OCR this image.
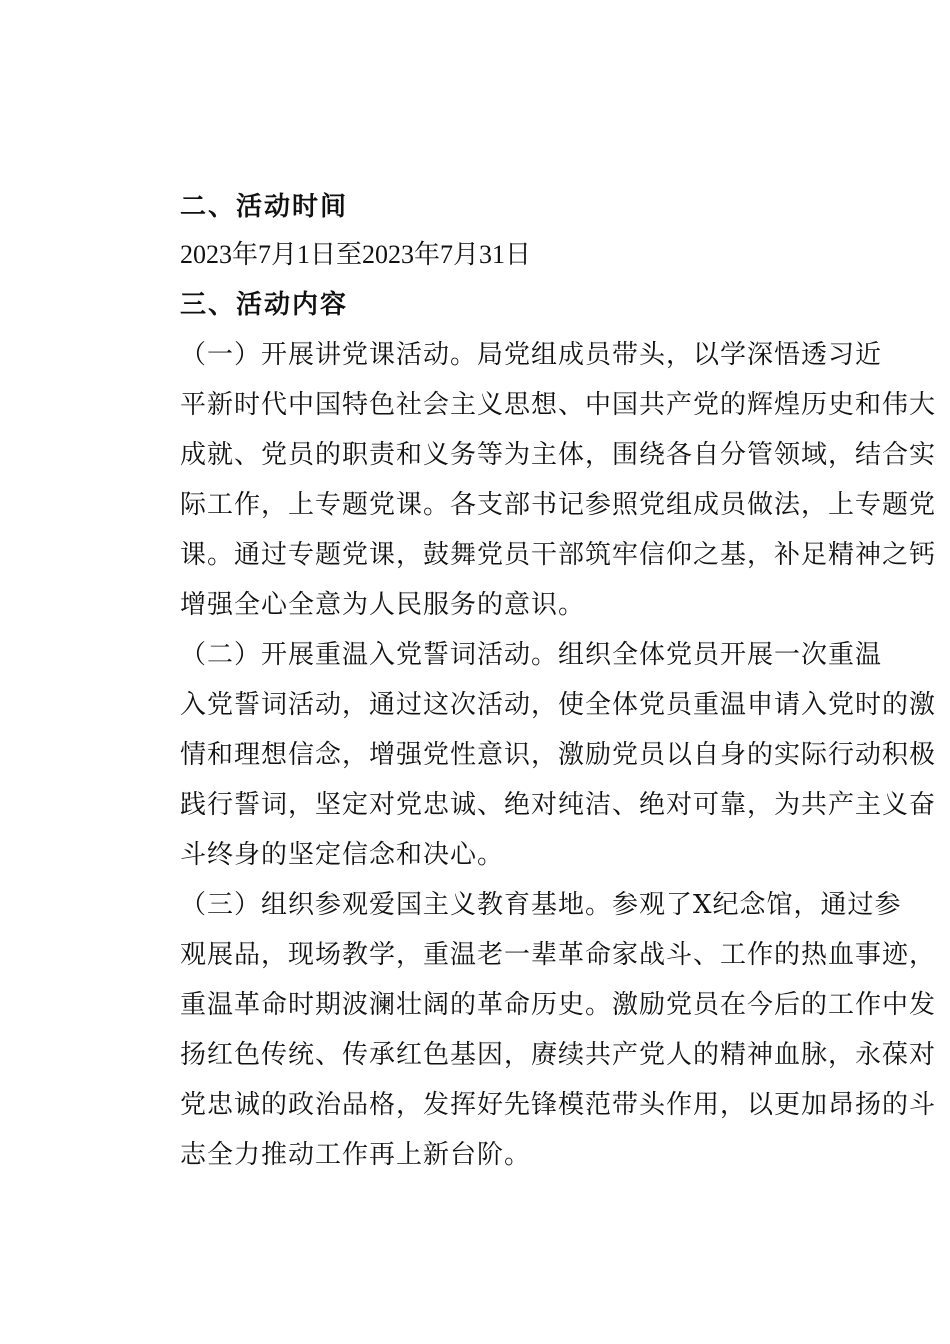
二、活动时间
2023年7月1日至2023年7月31日
三、活动内容
（一）开展讲党课活动。局党组成员带头，以学深悟透习近
平新时代中国特色社会主义思想、中国共产党的辉煌历史和伟大
成就、党员的职责和义务等为主体，围绕各自分管领域，结合实
际工作，上专题党课。各支部书记参照党组成员做法，上专题党
课。通过专题党课，鼓舞党员干部筑牢信仰之基，补足精神之钙
增强全心全意为人民服务的意识。
（二）开展重温入党誓词活动。组织全体党员开展一次重温
入党誓词活动，通过这次活动，使全体党员重温申请入党时的激
情和理想信念，增强党性意识，激励党员以自身的实际行动积极
践行誓词，坚定对党忠诚、绝对纯洁、绝对可靠，为共产主义奋
斗终身的坚定信念和决心。
（三）组织参观爱国主义教育基地。参观了X纪念馆，通过参
观展品，现场教学，重温老一辈革命家战斗、工作的热血事迹，
重温革命时期波澜壮阔的革命历史。激励党员在今后的工作中发
扬红色传统、传承红色基因，赓续共产党人的精神血脉，永葆对
党忠诚的政治品格，发挥好先锋模范带头作用，以更加昂扬的斗
志全力推动工作再上新台阶。
